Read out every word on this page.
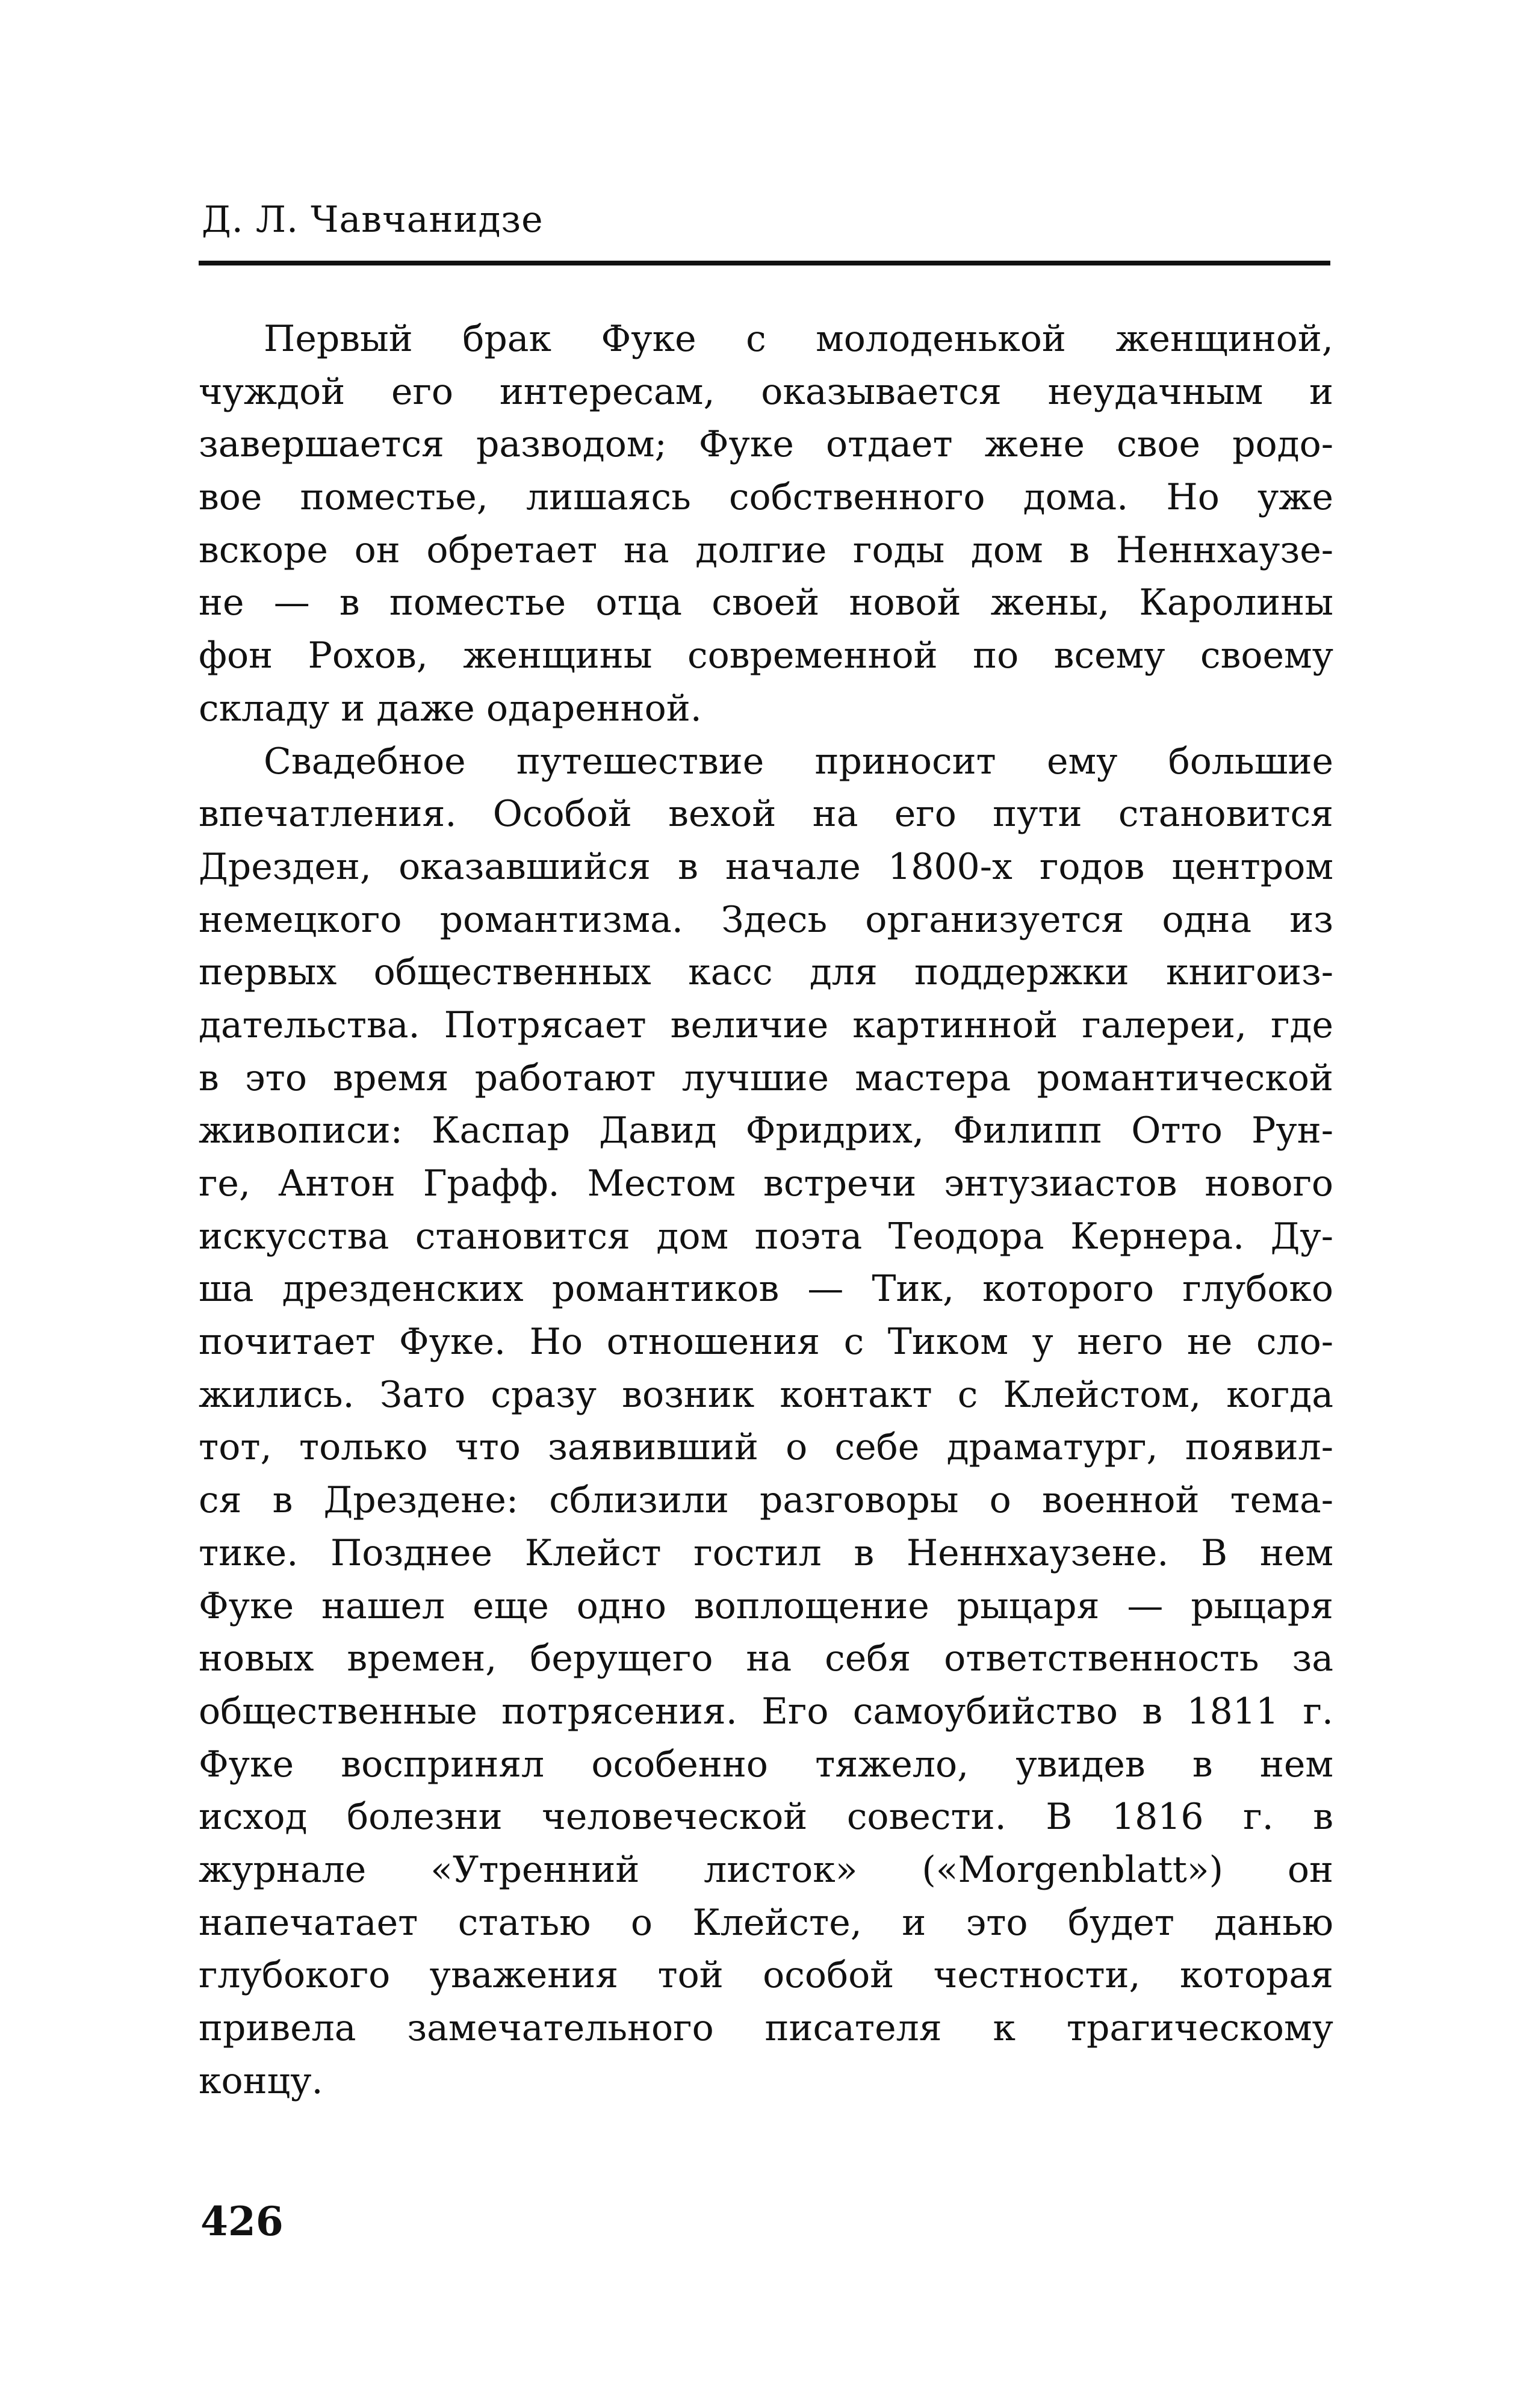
Д. Л. Чавчанидзе
Первый брак Фуке с молоденькой женщиной,
чуждой его интересам, оказывается неудачным и
завершается разводом; Фуке отдает жене свое родо-
вое поместье, лишаясь собственного дома. Но уже
вскоре он обретает на долгие годы дом в Неннхаузе-
не — в поместье отца своей новой жены, Каролины
фон Рохов, женщины современной по всему своему
складу и даже одаренной.
Свадебное путешествие приносит ему большие
впечатления. Особой вехой на его пути становится
Дрезден, оказавшийся в начале 1800-х годов центром
немецкого романтизма. Здесь организуется одна из
первых общественных касс для поддержки книгоиз-
дательства. Потрясает величие картинной галереи, где
в это время работают лучшие мастера романтической
живописи: Каспар Давид Фридрих, Филипп Отто Рун-
ге, Антон Графф. Местом встречи энтузиастов нового
искусства становится дом поэта Теодора Кернера. Ду-
ша дрезденских романтиков — Тик, которого глубоко
почитает Фуке. Но отношения с Тиком у него не сло-
жились. Зато сразу возник контакт с Клейстом, когда
тот, только что заявивший о себе драматург, появил-
ся в Дрездене: сблизили разговоры о военной тема-
тике. Позднее Клейст гостил в Неннхаузене. В нем
Фуке нашел еще одно воплощение рыцаря — рыцаря
новых времен, берущего на себя ответственность за
общественные потрясения. Его самоубийство в 1811 г.
Фуке воспринял особенно тяжело, увидев в нем
исход болезни человеческой совести. В 1816 г. в
журнале «Утренний листок» («Morgenblatt») он
напечатает статью о Клейсте, и это будет данью
глубокого уважения той особой честности, которая
привела замечательного писателя к трагическому
концу.
426
